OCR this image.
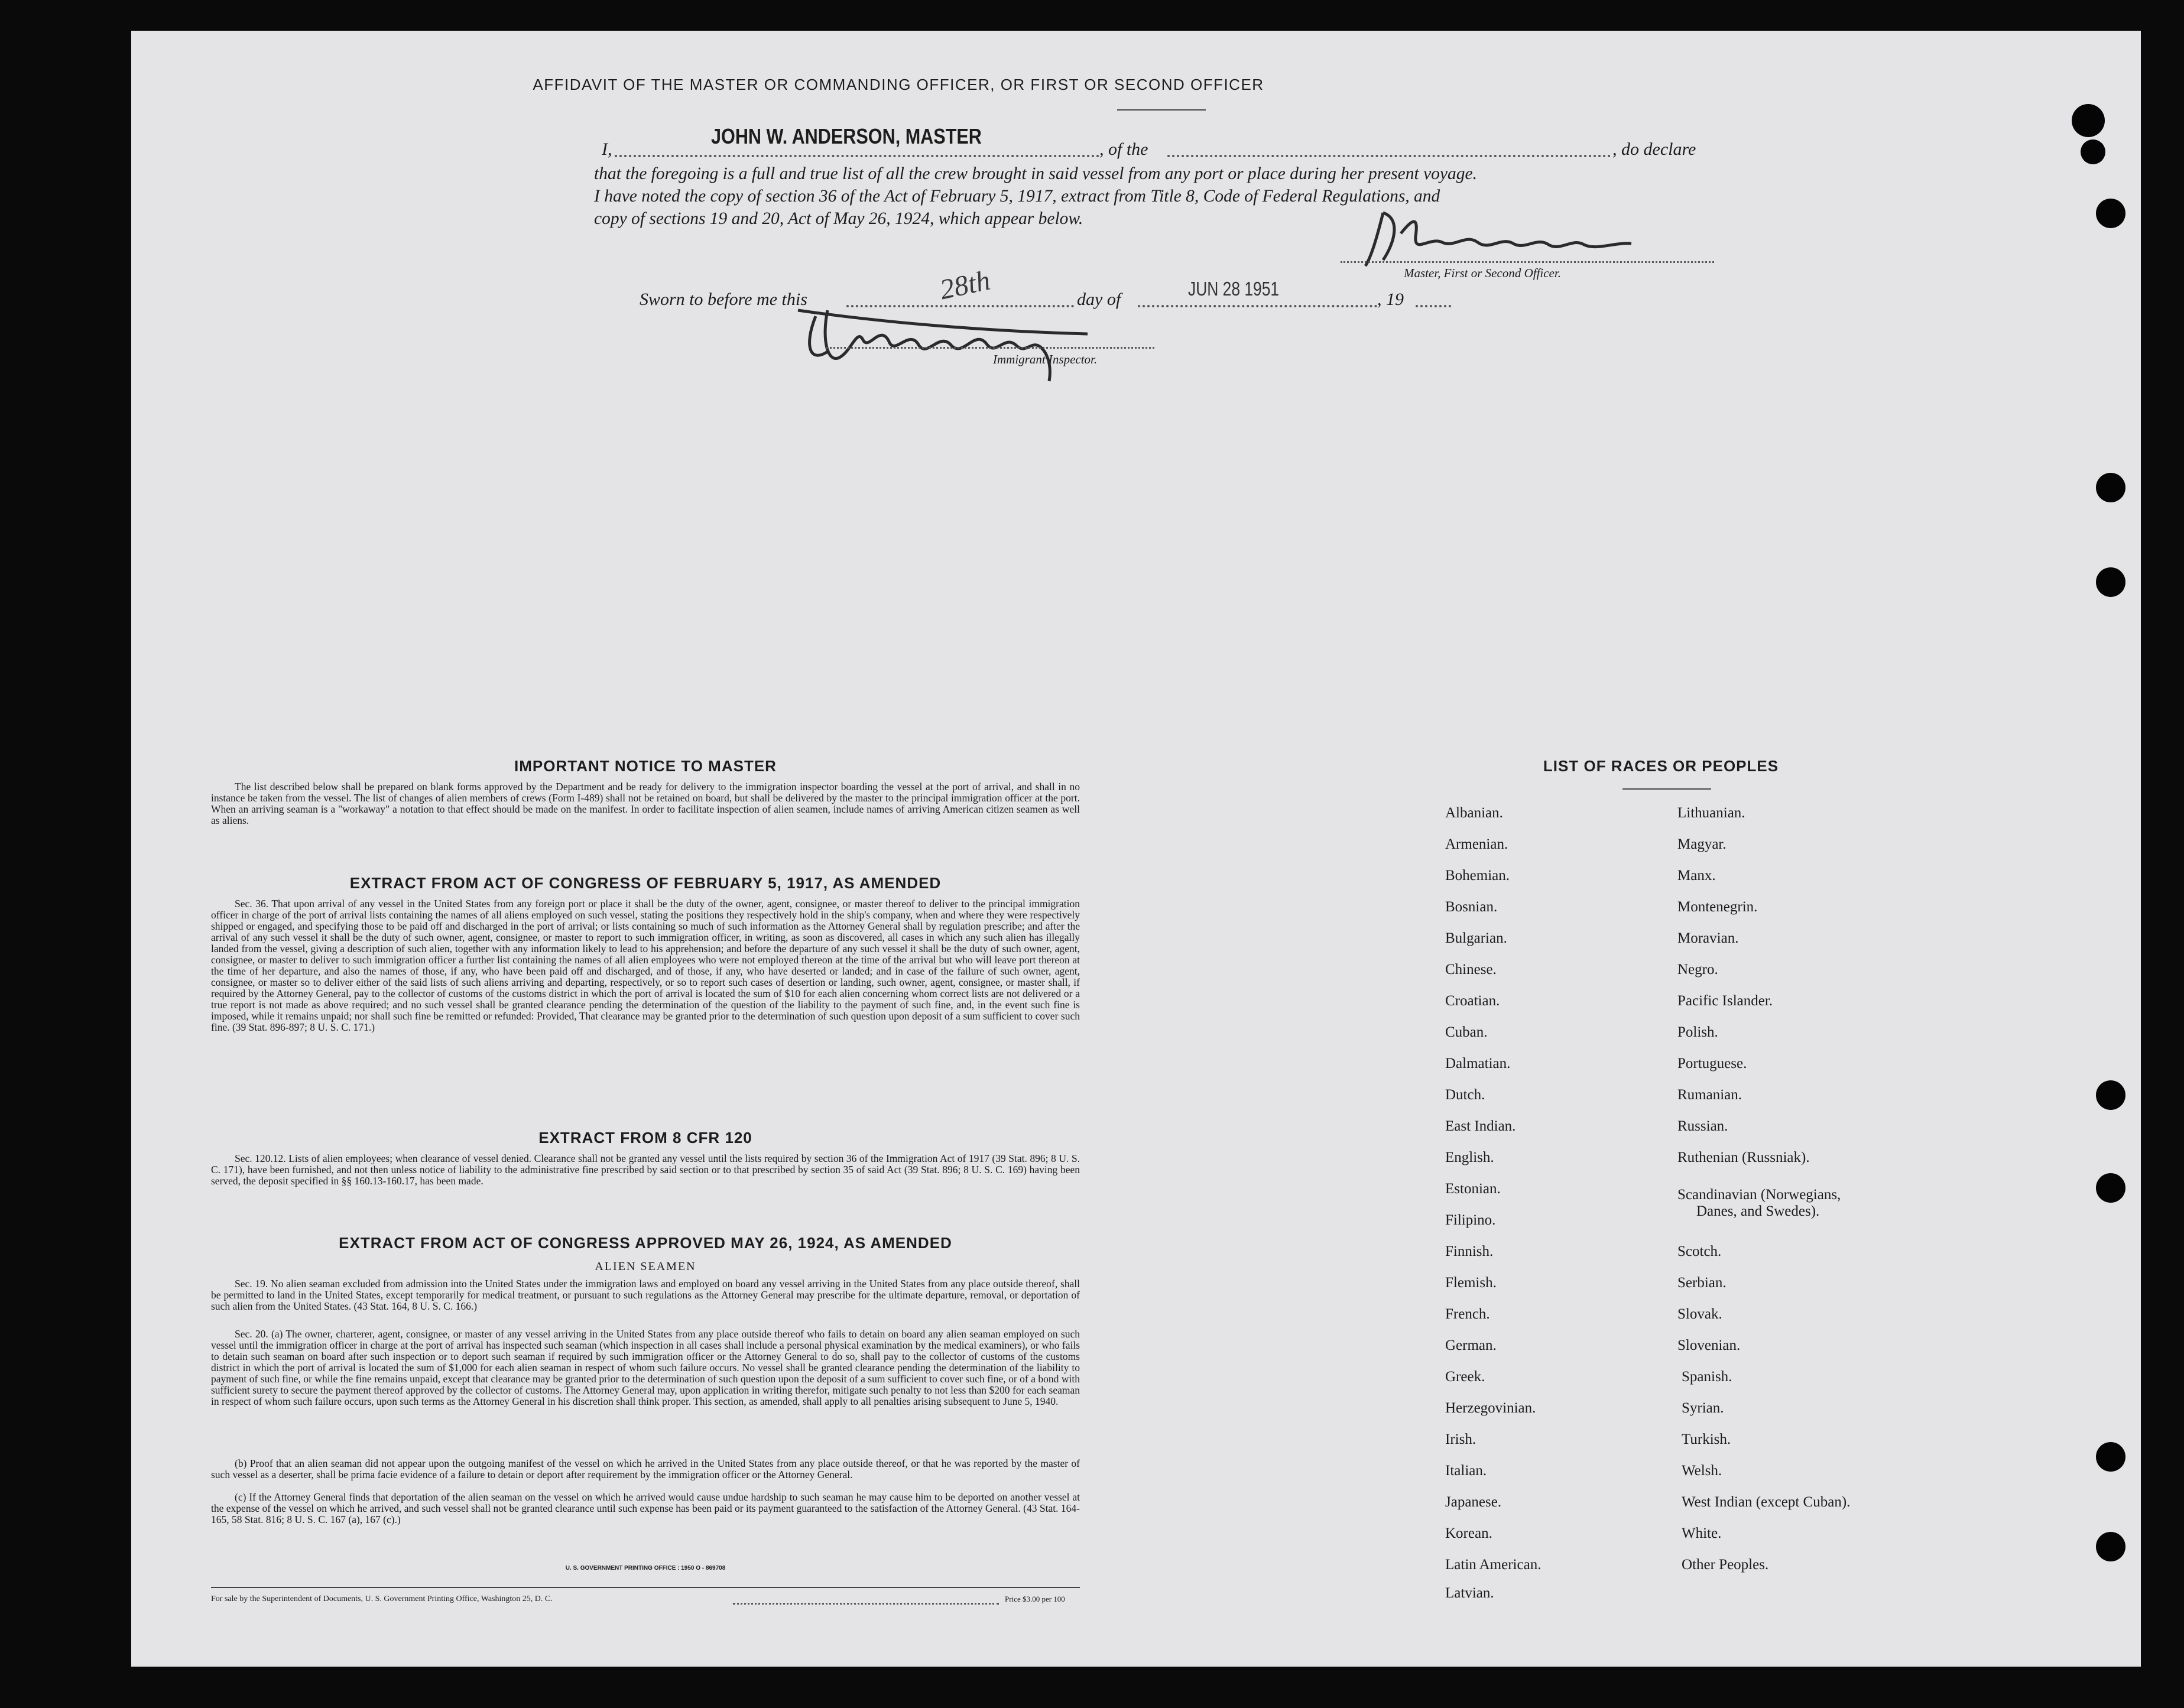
AFFIDAVIT OF THE MASTER OR COMMANDING OFFICER, OR FIRST OR SECOND OFFICER
I,
JOHN W. ANDERSON, MASTER
, of the	, do declare
that the foregoing is a full and true list of all the crew brought in said vessel from any port or place during her present voyage.
I have noted the copy of section 36 of the Act of February 5, 1917, extract from Title 8, Code of Federal Regulations, and
copy of sections 19 and 20, Act of May 26, 1924, which appear below.
Master, First or Second Officer.
Sworn to before me this	28th	day of	JUN 28 1951	, 19
Immigrant Inspector.
IMPORTANT NOTICE TO MASTER
The list described below shall be prepared on blank forms approved by the Department and be ready for delivery to the immigration inspector boarding the vessel at the port of arrival, and shall in no instance be taken from the vessel. The list of changes of alien members of crews (Form I-489) shall not be retained on board, but shall be delivered by the master to the principal immigration officer at the port. When an arriving seaman is a "workaway" a notation to that effect should be made on the manifest. In order to facilitate inspection of alien seamen, include names of arriving American citizen seamen as well as aliens.
EXTRACT FROM ACT OF CONGRESS OF FEBRUARY 5, 1917, AS AMENDED
Sec. 36. That upon arrival of any vessel in the United States from any foreign port or place it shall be the duty of the owner, agent, consignee, or master thereof to deliver to the principal immigration officer in charge of the port of arrival lists containing the names of all aliens employed on such vessel, stating the positions they respectively hold in the ship's company, when and where they were respectively shipped or engaged, and specifying those to be paid off and discharged in the port of arrival; or lists containing so much of such information as the Attorney General shall by regulation prescribe; and after the arrival of any such vessel it shall be the duty of such owner, agent, consignee, or master to report to such immigration officer, in writing, as soon as discovered, all cases in which any such alien has illegally landed from the vessel, giving a description of such alien, together with any information likely to lead to his apprehension; and before the departure of any such vessel it shall be the duty of such owner, agent, consignee, or master to deliver to such immigration officer a further list containing the names of all alien employees who were not employed thereon at the time of the arrival but who will leave port thereon at the time of her departure, and also the names of those, if any, who have been paid off and discharged, and of those, if any, who have deserted or landed; and in case of the failure of such owner, agent, consignee, or master so to deliver either of the said lists of such aliens arriving and departing, respectively, or so to report such cases of desertion or landing, such owner, agent, consignee, or master shall, if required by the Attorney General, pay to the collector of customs of the customs district in which the port of arrival is located the sum of $10 for each alien concerning whom correct lists are not delivered or a true report is not made as above required; and no such vessel shall be granted clearance pending the determination of the question of the liability to the payment of such fine, and, in the event such fine is imposed, while it remains unpaid; nor shall such fine be remitted or refunded: Provided, That clearance may be granted prior to the determination of such question upon deposit of a sum sufficient to cover such fine. (39 Stat. 896-897; 8 U. S. C. 171.)
EXTRACT FROM 8 CFR 120
Sec. 120.12. Lists of alien employees; when clearance of vessel denied. Clearance shall not be granted any vessel until the lists required by section 36 of the Immigration Act of 1917 (39 Stat. 896; 8 U. S. C. 171), have been furnished, and not then unless notice of liability to the administrative fine prescribed by said section or to that prescribed by section 35 of said Act (39 Stat. 896; 8 U. S. C. 169) having been served, the deposit specified in §§ 160.13-160.17, has been made.
EXTRACT FROM ACT OF CONGRESS APPROVED MAY 26, 1924, AS AMENDED
ALIEN SEAMEN
Sec. 19. No alien seaman excluded from admission into the United States under the immigration laws and employed on board any vessel arriving in the United States from any place outside thereof, shall be permitted to land in the United States, except temporarily for medical treatment, or pursuant to such regulations as the Attorney General may prescribe for the ultimate departure, removal, or deportation of such alien from the United States. (43 Stat. 164, 8 U. S. C. 166.)
Sec. 20. (a) The owner, charterer, agent, consignee, or master of any vessel arriving in the United States from any place outside thereof who fails to detain on board any alien seaman employed on such vessel until the immigration officer in charge at the port of arrival has inspected such seaman (which inspection in all cases shall include a personal physical examination by the medical examiners), or who fails to detain such seaman on board after such inspection or to deport such seaman if required by such immigration officer or the Attorney General to do so, shall pay to the collector of customs of the customs district in which the port of arrival is located the sum of $1,000 for each alien seaman in respect of whom such failure occurs. No vessel shall be granted clearance pending the determination of the liability to payment of such fine, or while the fine remains unpaid, except that clearance may be granted prior to the determination of such question upon the deposit of a sum sufficient to cover such fine, or of a bond with sufficient surety to secure the payment thereof approved by the collector of customs. The Attorney General may, upon application in writing therefor, mitigate such penalty to not less than $200 for each seaman in respect of whom such failure occurs, upon such terms as the Attorney General in his discretion shall think proper. This section, as amended, shall apply to all penalties arising subsequent to June 5, 1940.
(b) Proof that an alien seaman did not appear upon the outgoing manifest of the vessel on which he arrived in the United States from any place outside thereof, or that he was reported by the master of such vessel as a deserter, shall be prima facie evidence of a failure to detain or deport after requirement by the immigration officer or the Attorney General.
(c) If the Attorney General finds that deportation of the alien seaman on the vessel on which he arrived would cause undue hardship to such seaman he may cause him to be deported on another vessel at the expense of the vessel on which he arrived, and such vessel shall not be granted clearance until such expense has been paid or its payment guaranteed to the satisfaction of the Attorney General. (43 Stat. 164-165, 58 Stat. 816; 8 U. S. C. 167 (a), 167 (c).)
U. S. GOVERNMENT PRINTING OFFICE : 1950 O - 869708
For sale by the Superintendent of Documents, U. S. Government Printing Office, Washington 25, D. C.	Price $3.00 per 100
LIST OF RACES OR PEOPLES
Albanian.
Armenian.
Bohemian.
Bosnian.
Bulgarian.
Chinese.
Croatian.
Cuban.
Dalmatian.
Dutch.
East Indian.
English.
Estonian.
Filipino.
Finnish.
Flemish.
French.
German.
Greek.
Herzegovinian.
Irish.
Italian.
Japanese.
Korean.
Latin American.
Latvian.
Lithuanian.
Magyar.
Manx.
Montenegrin.
Moravian.
Negro.
Pacific Islander.
Polish.
Portuguese.
Rumanian.
Russian.
Ruthenian (Russniak).
Scandinavian (Norwegians,
Danes, and Swedes).
Scotch.
Serbian.
Slovak.
Slovenian.
Spanish.
Syrian.
Turkish.
Welsh.
West Indian (except Cuban).
White.
Other Peoples.
